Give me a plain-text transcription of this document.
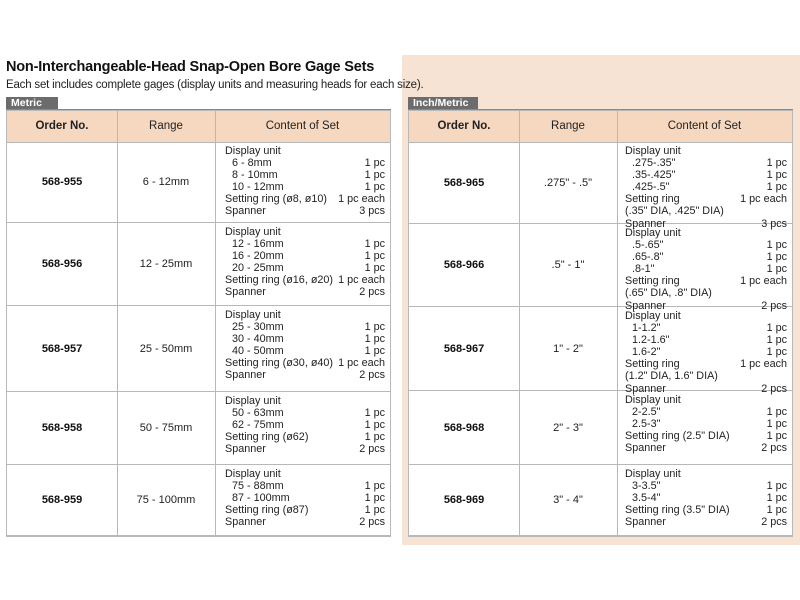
Non-Interchangeable-Head Snap-Open Bore Gage Sets
Each set includes complete gages (display units and measuring heads for each size).
Metric	Inch/Metric
Order No.	Range	Content of Set
568-955	6 - 12mm
Display unit
6 - 8mm	1 pc
8 - 10mm	1 pc
10 - 12mm	1 pc
Setting ring (ø8, ø10) 1 pc each
Spanner	3 pcs
568-956	12 - 25mm
Display unit
12 - 16mm	1 pc
16 - 20mm	1 pc
20 - 25mm	1 pc
Setting ring (ø16, ø20) 1 pc each
Spanner	2 pcs
568-957	25 - 50mm
Display unit
25 - 30mm	1 pc
30 - 40mm	1 pc
40 - 50mm	1 pc
Setting ring (ø30, ø40) 1 pc each
Spanner	2 pcs
568-958	50 - 75mm
Display unit
50 - 63mm	1 pc
62 - 75mm	1 pc
Setting ring (ø62)	1 pc
Spanner	2 pcs
568-959	75 - 100mm
Display unit
75 - 88mm	1 pc
87 - 100mm	1 pc
Setting ring (ø87)	1 pc
Spanner	2 pcs
Order No.	Range	Content of Set
568-965	.275" - .5"
Display unit
.275-.35"	1 pc
.35-.425"	1 pc
.425-.5"	1 pc
Setting ring	1 pc each
(.35" DIA, .425" DIA)
Spanner	3 pcs
568-966	.5" - 1"
Display unit
.5-.65"	1 pc
.65-.8"	1 pc
.8-1"	1 pc
Setting ring	1 pc each
(.65" DIA, .8" DIA)
Spanner	2 pcs
568-967	1" - 2"
Display unit
1-1.2"	1 pc
1.2-1.6"	1 pc
1.6-2"	1 pc
Setting ring	1 pc each
(1.2" DIA, 1.6" DIA)
Spanner	2 pcs
568-968	2" - 3"
Display unit
2-2.5"	1 pc
2.5-3"	1 pc
Setting ring (2.5" DIA)	1 pc
Spanner	2 pcs
568-969	3" - 4"
Display unit
3-3.5"	1 pc
3.5-4"	1 pc
Setting ring (3.5" DIA)	1 pc
Spanner	2 pcs
